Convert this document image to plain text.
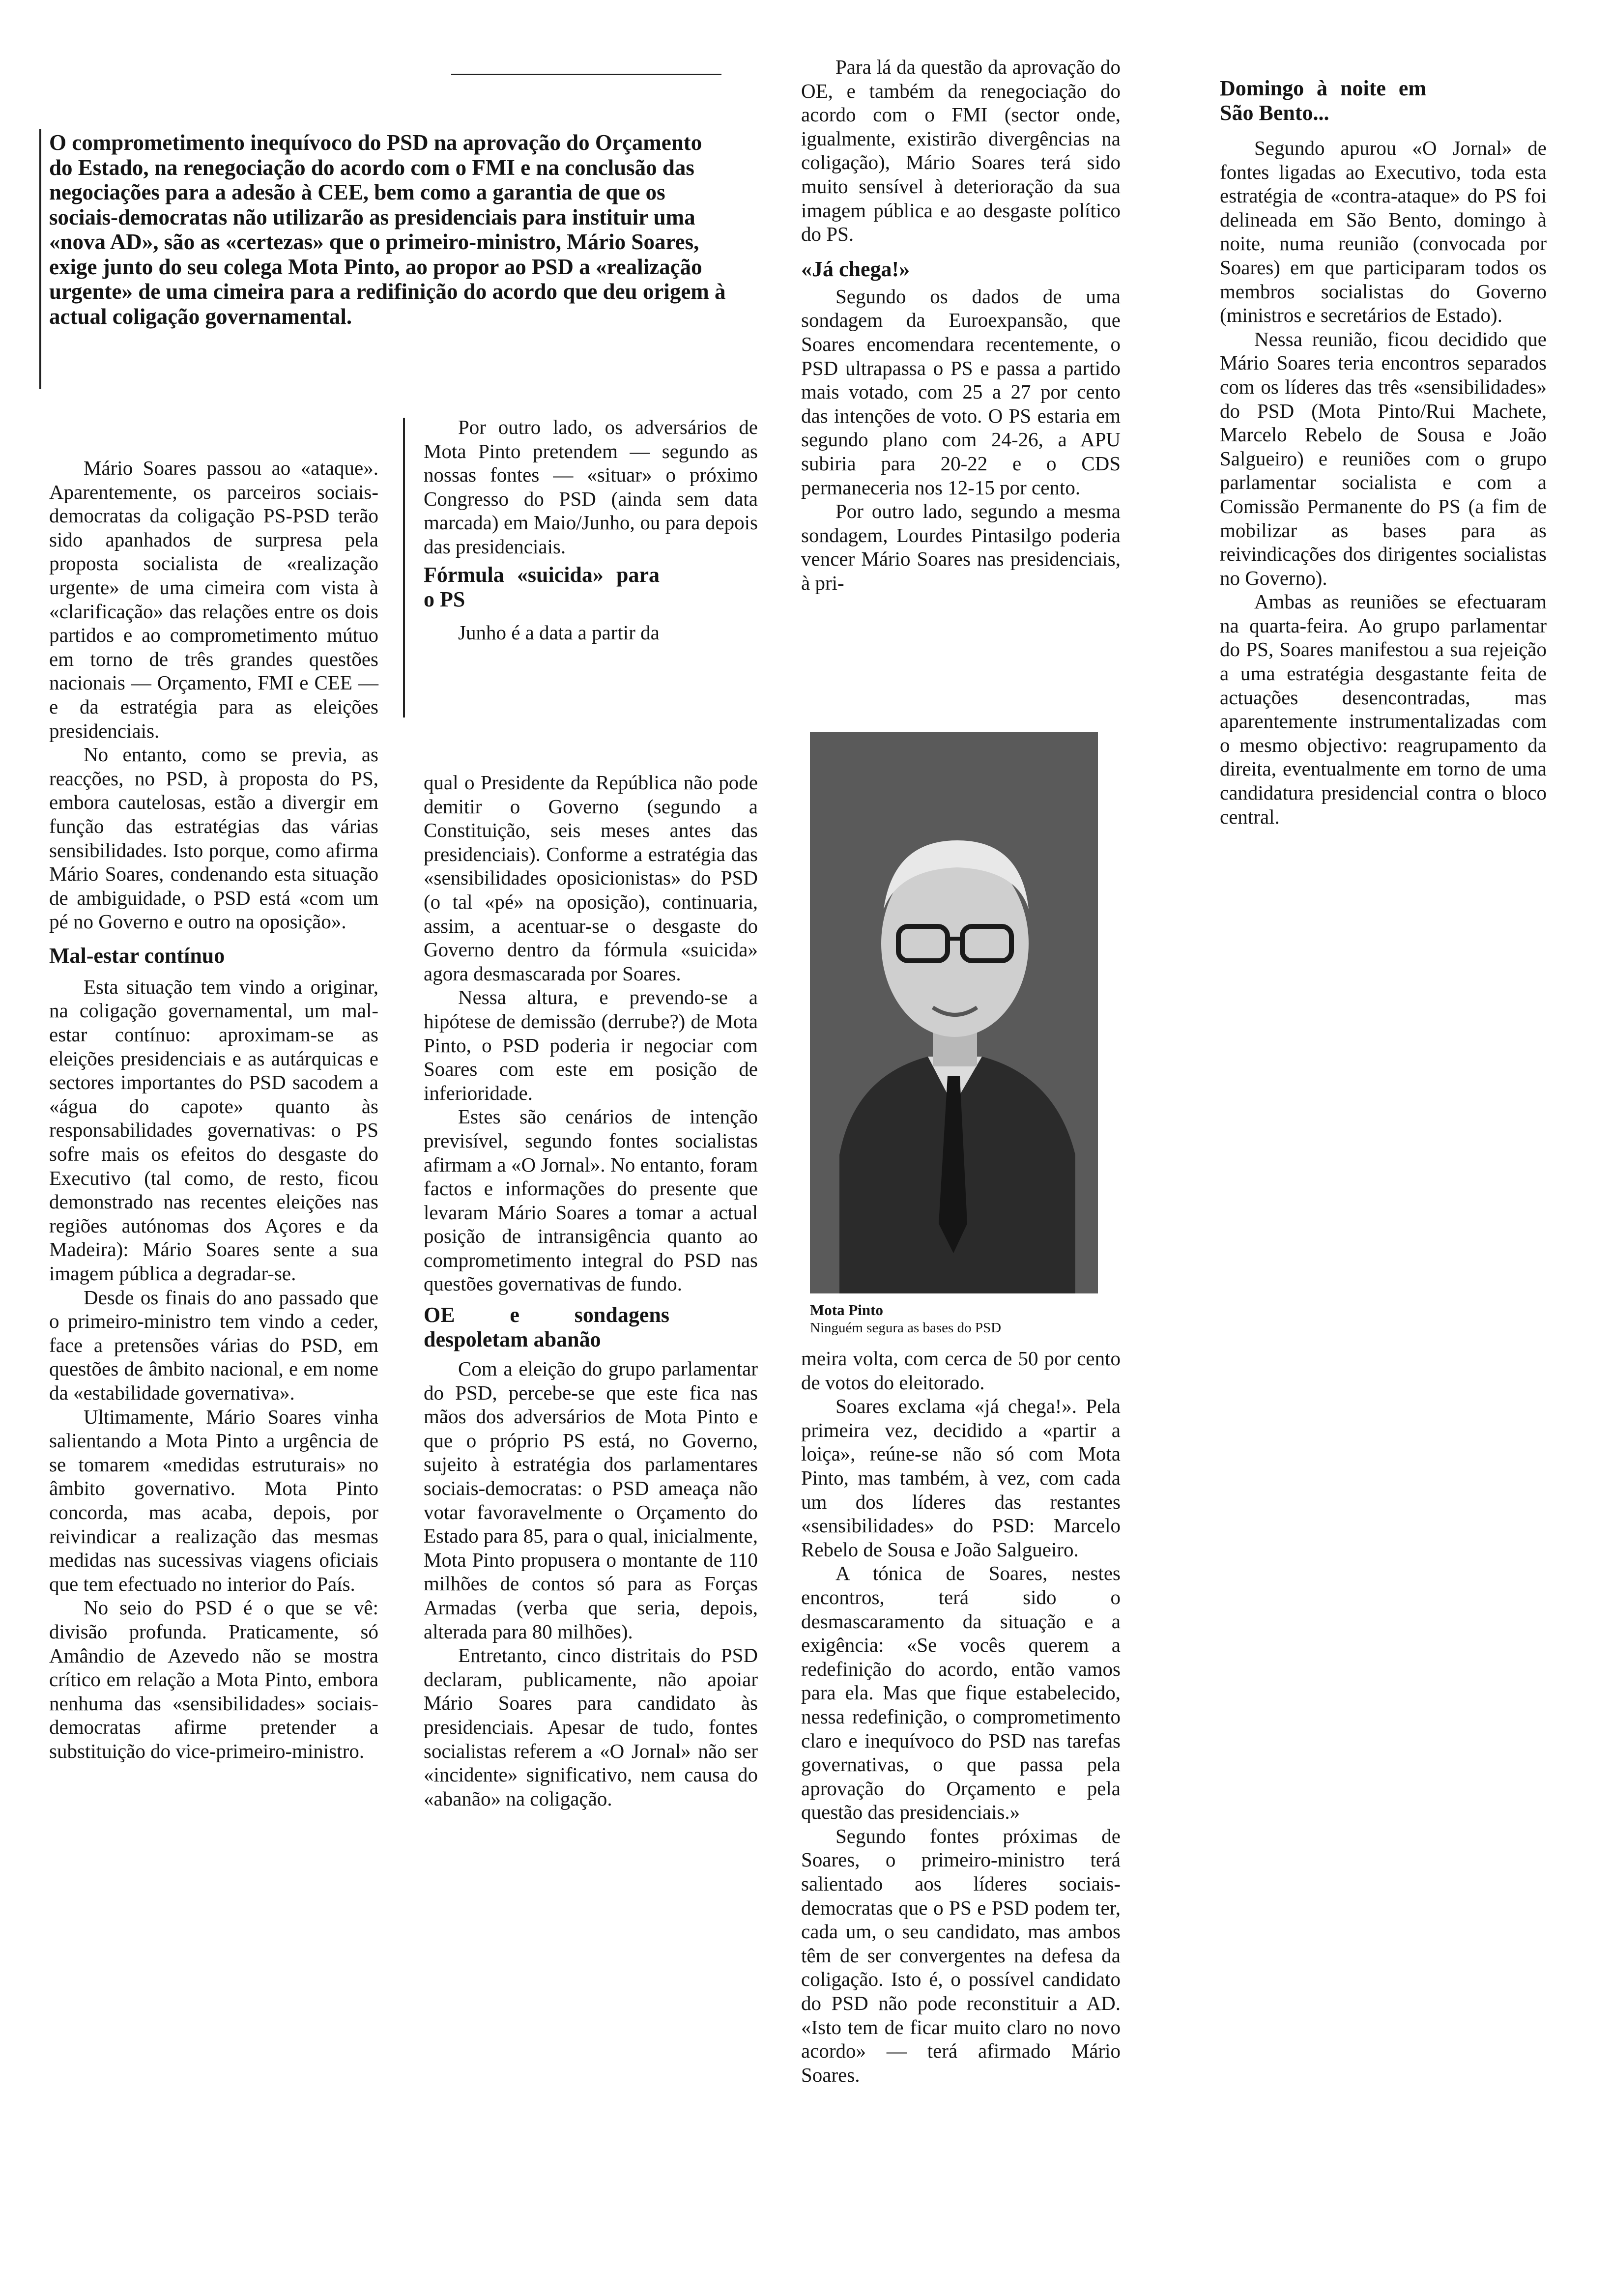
O comprometimento inequívoco do PSD na aprovação do Orçamento do Estado, na renegociação do acordo com o FMI e na conclusão das negociações para a adesão à CEE, bem como a garantia de que os sociais-democratas não utilizarão as presidenciais para instituir uma «nova AD», são as «certezas» que o primeiro-ministro, Mário Soares, exige junto do seu colega Mota Pinto, ao propor ao PSD a «realização urgente» de uma cimeira para a redifinição do acordo que deu origem à actual coligação governamental.

Mário Soares passou ao «ataque». Aparentemente, os parceiros sociais-democratas da coligação PS-PSD terão sido apanhados de surpresa pela proposta socialista de «realização urgente» de uma cimeira com vista à «clarificação» das relações entre os dois partidos e ao comprometimento mútuo em torno de três grandes questões nacionais — Orçamento, FMI e CEE — e da estratégia para as eleições presidenciais.

No entanto, como se previa, as reacções, no PSD, à proposta do PS, embora cautelosas, estão a divergir em função das estratégias das várias sensibilidades. Isto porque, como afirma Mário Soares, condenando esta situação de ambiguidade, o PSD está «com um pé no Governo e outro na oposição».

Mal-estar contínuo

Esta situação tem vindo a originar, na coligação governamental, um mal-estar contínuo: aproximam-se as eleições presidenciais e as autárquicas e sectores importantes do PSD sacodem a «água do capote» quanto às responsabilidades governativas: o PS sofre mais os efeitos do desgaste do Executivo (tal como, de resto, ficou demonstrado nas recentes eleições nas regiões autónomas dos Açores e da Madeira): Mário Soares sente a sua imagem pública a degradar-se.

Desde os finais do ano passado que o primeiro-ministro tem vindo a ceder, face a pretensões várias do PSD, em questões de âmbito nacional, e em nome da «estabilidade governativa».

Ultimamente, Mário Soares vinha salientando a Mota Pinto a urgência de se tomarem «medidas estruturais» no âmbito governativo. Mota Pinto concorda, mas acaba, depois, por reivindicar a realização das mesmas medidas nas sucessivas viagens oficiais que tem efectuado no interior do País.

No seio do PSD é o que se vê: divisão profunda. Praticamente, só Amândio de Azevedo não se mostra crítico em relação a Mota Pinto, embora nenhuma das «sensibilidades» sociais-democratas afirme pretender a substituição do vice-primeiro-ministro.

Por outro lado, os adversários de Mota Pinto pretendem — segundo as nossas fontes — «situar» o próximo Congresso do PSD (ainda sem data marcada) em Maio/Junho, ou para depois das presidenciais.

Fórmula «suicida» para o PS

Junho é a data a partir da

qual o Presidente da República não pode demitir o Governo (segundo a Constituição, seis meses antes das presidenciais). Conforme a estratégia das «sensibilidades oposicionistas» do PSD (o tal «pé» na oposição), continuaria, assim, a acentuar-se o desgaste do Governo dentro da fórmula «suicida» agora desmascarada por Soares.

Nessa altura, e prevendo-se a hipótese de demissão (derrube?) de Mota Pinto, o PSD poderia ir negociar com Soares com este em posição de inferioridade.

Estes são cenários de intenção previsível, segundo fontes socialistas afirmam a «O Jornal». No entanto, foram factos e informações do presente que levaram Mário Soares a tomar a actual posição de intransigência quanto ao comprometimento integral do PSD nas questões governativas de fundo.

OE e sondagens despoletam abanão

Com a eleição do grupo parlamentar do PSD, percebe-se que este fica nas mãos dos adversários de Mota Pinto e que o próprio PS está, no Governo, sujeito à estratégia dos parlamentares sociais-democratas: o PSD ameaça não votar favoravelmente o Orçamento do Estado para 85, para o qual, inicialmente, Mota Pinto propusera o montante de 110 milhões de contos só para as Forças Armadas (verba que seria, depois, alterada para 80 milhões).

Entretanto, cinco distritais do PSD declaram, publicamente, não apoiar Mário Soares para candidato às presidenciais. Apesar de tudo, fontes socialistas referem a «O Jornal» não ser «incidente» significativo, nem causa do «abanão» na coligação.

Para lá da questão da aprovação do OE, e também da renegociação do acordo com o FMI (sector onde, igualmente, existirão divergências na coligação), Mário Soares terá sido muito sensível à deterioração da sua imagem pública e ao desgaste político do PS.

«Já chega!»

Segundo os dados de uma sondagem da Euroexpansão, que Soares encomendara recentemente, o PSD ultrapassa o PS e passa a partido mais votado, com 25 a 27 por cento das intenções de voto. O PS estaria em segundo plano com 24-26, a APU subiria para 20-22 e o CDS permaneceria nos 12-15 por cento.

Por outro lado, segundo a mesma sondagem, Lourdes Pintasilgo poderia vencer Mário Soares nas presidenciais, à pri-

Mota Pinto
Ninguém segura as bases do PSD

meira volta, com cerca de 50 por cento de votos do eleitorado.

Soares exclama «já chega!». Pela primeira vez, decidido a «partir a loiça», reúne-se não só com Mota Pinto, mas também, à vez, com cada um dos líderes das restantes «sensibilidades» do PSD: Marcelo Rebelo de Sousa e João Salgueiro.

A tónica de Soares, nestes encontros, terá sido o desmascaramento da situação e a exigência: «Se vocês querem a redefinição do acordo, então vamos para ela. Mas que fique estabelecido, nessa redefinição, o comprometimento claro e inequívoco do PSD nas tarefas governativas, o que passa pela aprovação do Orçamento e pela questão das presidenciais.»

Segundo fontes próximas de Soares, o primeiro-ministro terá salientado aos líderes sociais-democratas que o PS e PSD podem ter, cada um, o seu candidato, mas ambos têm de ser convergentes na defesa da coligação. Isto é, o possível candidato do PSD não pode reconstituir a AD. «Isto tem de ficar muito claro no novo acordo» — terá afirmado Mário Soares.

Domingo à noite em São Bento...

Segundo apurou «O Jornal» de fontes ligadas ao Executivo, toda esta estratégia de «contra-ataque» do PS foi delineada em São Bento, domingo à noite, numa reunião (convocada por Soares) em que participaram todos os membros socialistas do Governo (ministros e secretários de Estado).

Nessa reunião, ficou decidido que Mário Soares teria encontros separados com os líderes das três «sensibilidades» do PSD (Mota Pinto/Rui Machete, Marcelo Rebelo de Sousa e João Salgueiro) e reuniões com o grupo parlamentar socialista e com a Comissão Permanente do PS (a fim de mobilizar as bases para as reivindicações dos dirigentes socialistas no Governo).

Ambas as reuniões se efectuaram na quarta-feira. Ao grupo parlamentar do PS, Soares manifestou a sua rejeição a uma estratégia desgastante feita de actuações desencontradas, mas aparentemente instrumentalizadas com o mesmo objectivo: reagrupamento da direita, eventualmente em torno de uma candidatura presidencial contra o bloco central.
